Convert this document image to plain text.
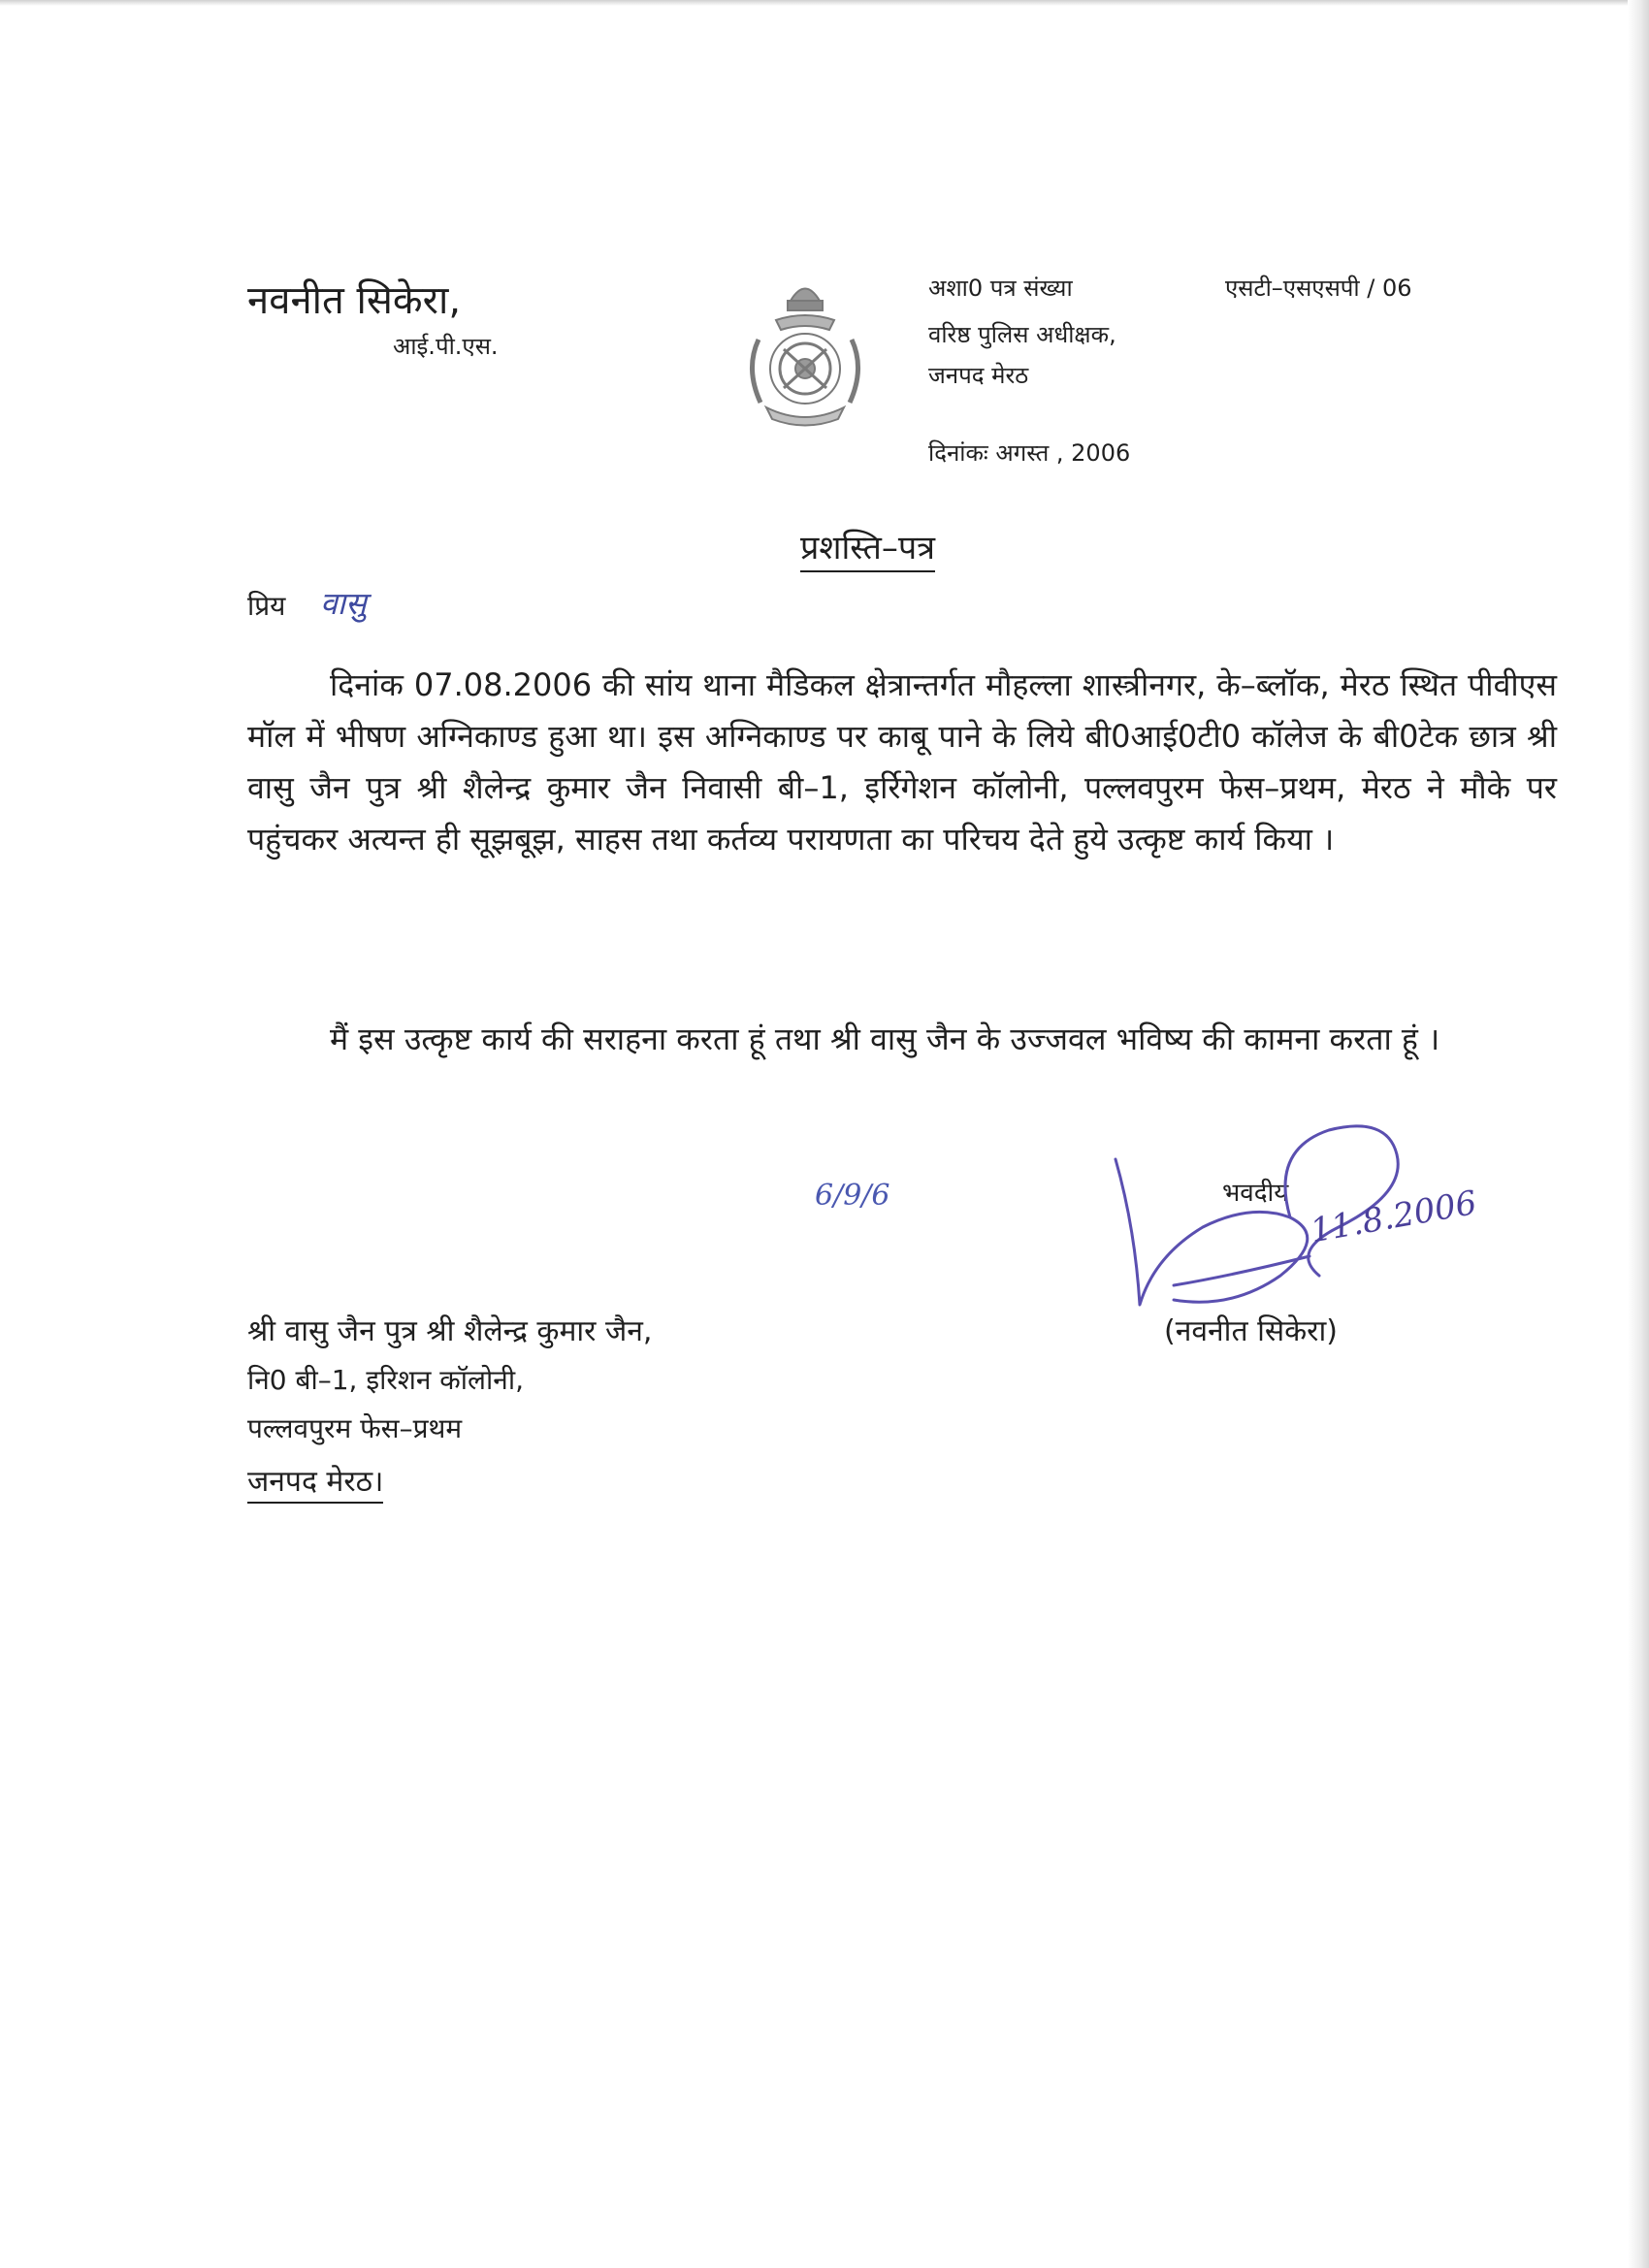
नवनीत सिकेरा,
आई.पी.एस.
अशा0 पत्र संख्या	एसटी–एसएसपी / 06
वरिष्ठ पुलिस अधीक्षक,
जनपद मेरठ
दिनांकः अगस्त , 2006
प्रशस्ति–पत्र
प्रिय वासु
दिनांक 07.08.2006 की सांय थाना मैडिकल क्षेत्रान्तर्गत मौहल्ला शास्त्रीनगर, के–ब्लॉक, मेरठ स्थित पीवीएस मॉल में भीषण अग्निकाण्ड हुआ था। इस अग्निकाण्ड पर काबू पाने के लिये बी0आई0टी0 कॉलेज के बी0टेक छात्र श्री वासु जैन पुत्र श्री शैलेन्द्र कुमार जैन निवासी बी–1, इर्रिगेशन कॉलोनी, पल्लवपुरम फेस–प्रथम, मेरठ ने मौके पर पहुंचकर अत्यन्त ही सूझबूझ, साहस तथा कर्तव्य परायणता का परिचय देते हुये उत्कृष्ट कार्य किया ।
मैं इस उत्कृष्ट कार्य की सराहना करता हूं तथा श्री वासु जैन के उज्जवल भविष्य की कामना करता हूं ।
6/9/6	भवदीय 11.8.2006
(नवनीत सिकेरा)
श्री वासु जैन पुत्र श्री शैलेन्द्र कुमार जैन,
नि0 बी–1, इरिशन कॉलोनी,
पल्लवपुरम फेस–प्रथम
जनपद मेरठ।
